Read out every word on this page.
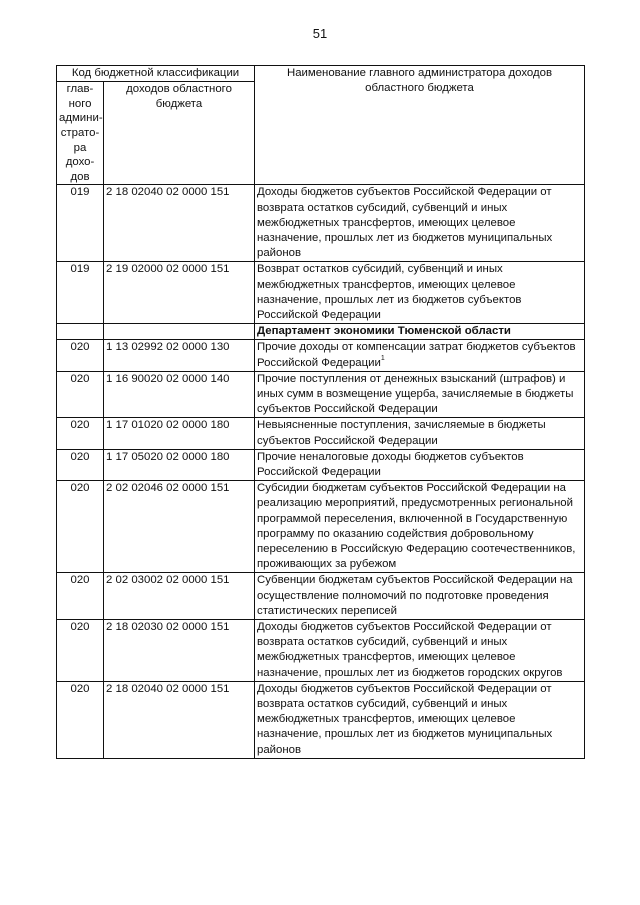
51
Код бюджетной классификации		Наименование главного администратора доходов областного бюджета
глав-ного админи-страто-ра дохо-дов	доходов областного бюджета	
019	2 18 02040 02 0000 151	Доходы бюджетов субъектов Российской Федерации от возврата остатков субсидий, субвенций и иных межбюджетных трансфертов, имеющих целевое назначение, прошлых лет из бюджетов муниципальных районов
019	2 19 02000 02 0000 151	Возврат остатков субсидий, субвенций и иных межбюджетных трансфертов, имеющих целевое назначение, прошлых лет из бюджетов субъектов Российской Федерации
		Департамент экономики Тюменской области
020	1 13 02992 02 0000 130	Прочие доходы от компенсации затрат бюджетов субъектов Российской Федерации$^1$
020	1 16 90020 02 0000 140	Прочие поступления от денежных взысканий (штрафов) и иных сумм в возмещение ущерба, зачисляемые в бюджеты субъектов Российской Федерации
020	1 17 01020 02 0000 180	Невыясненные поступления, зачисляемые в бюджеты субъектов Российской Федерации
020	1 17 05020 02 0000 180	Прочие неналоговые доходы бюджетов субъектов Российской Федерации
020	2 02 02046 02 0000 151	Субсидии бюджетам субъектов Российской Федерации на реализацию мероприятий, предусмотренных региональной программой переселения, включенной в Государственную программу по оказанию содействия добровольному переселению в Российскую Федерацию соотечественников, проживающих за рубежом
020	2 02 03002 02 0000 151	Субвенции бюджетам субъектов Российской Федерации на осуществление полномочий по подготовке проведения статистических переписей
020	2 18 02030 02 0000 151	Доходы бюджетов субъектов Российской Федерации от возврата остатков субсидий, субвенций и иных межбюджетных трансфертов, имеющих целевое назначение, прошлых лет из бюджетов городских округов
020	2 18 02040 02 0000 151	Доходы бюджетов субъектов Российской Федерации от возврата остатков субсидий, субвенций и иных межбюджетных трансфертов, имеющих целевое назначение, прошлых лет из бюджетов муниципальных районов
